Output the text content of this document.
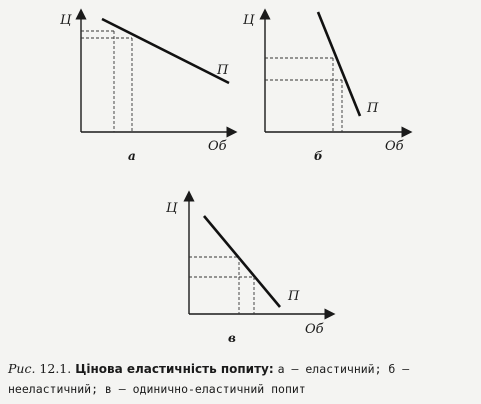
Ц
Об
П
а
Ц
Об
П
б
Ц
Об
П
в
Рис. 12.1. Цінова еластичність попиту: а — еластичний; б — нееластичний; в — одинично-еластичний попит
